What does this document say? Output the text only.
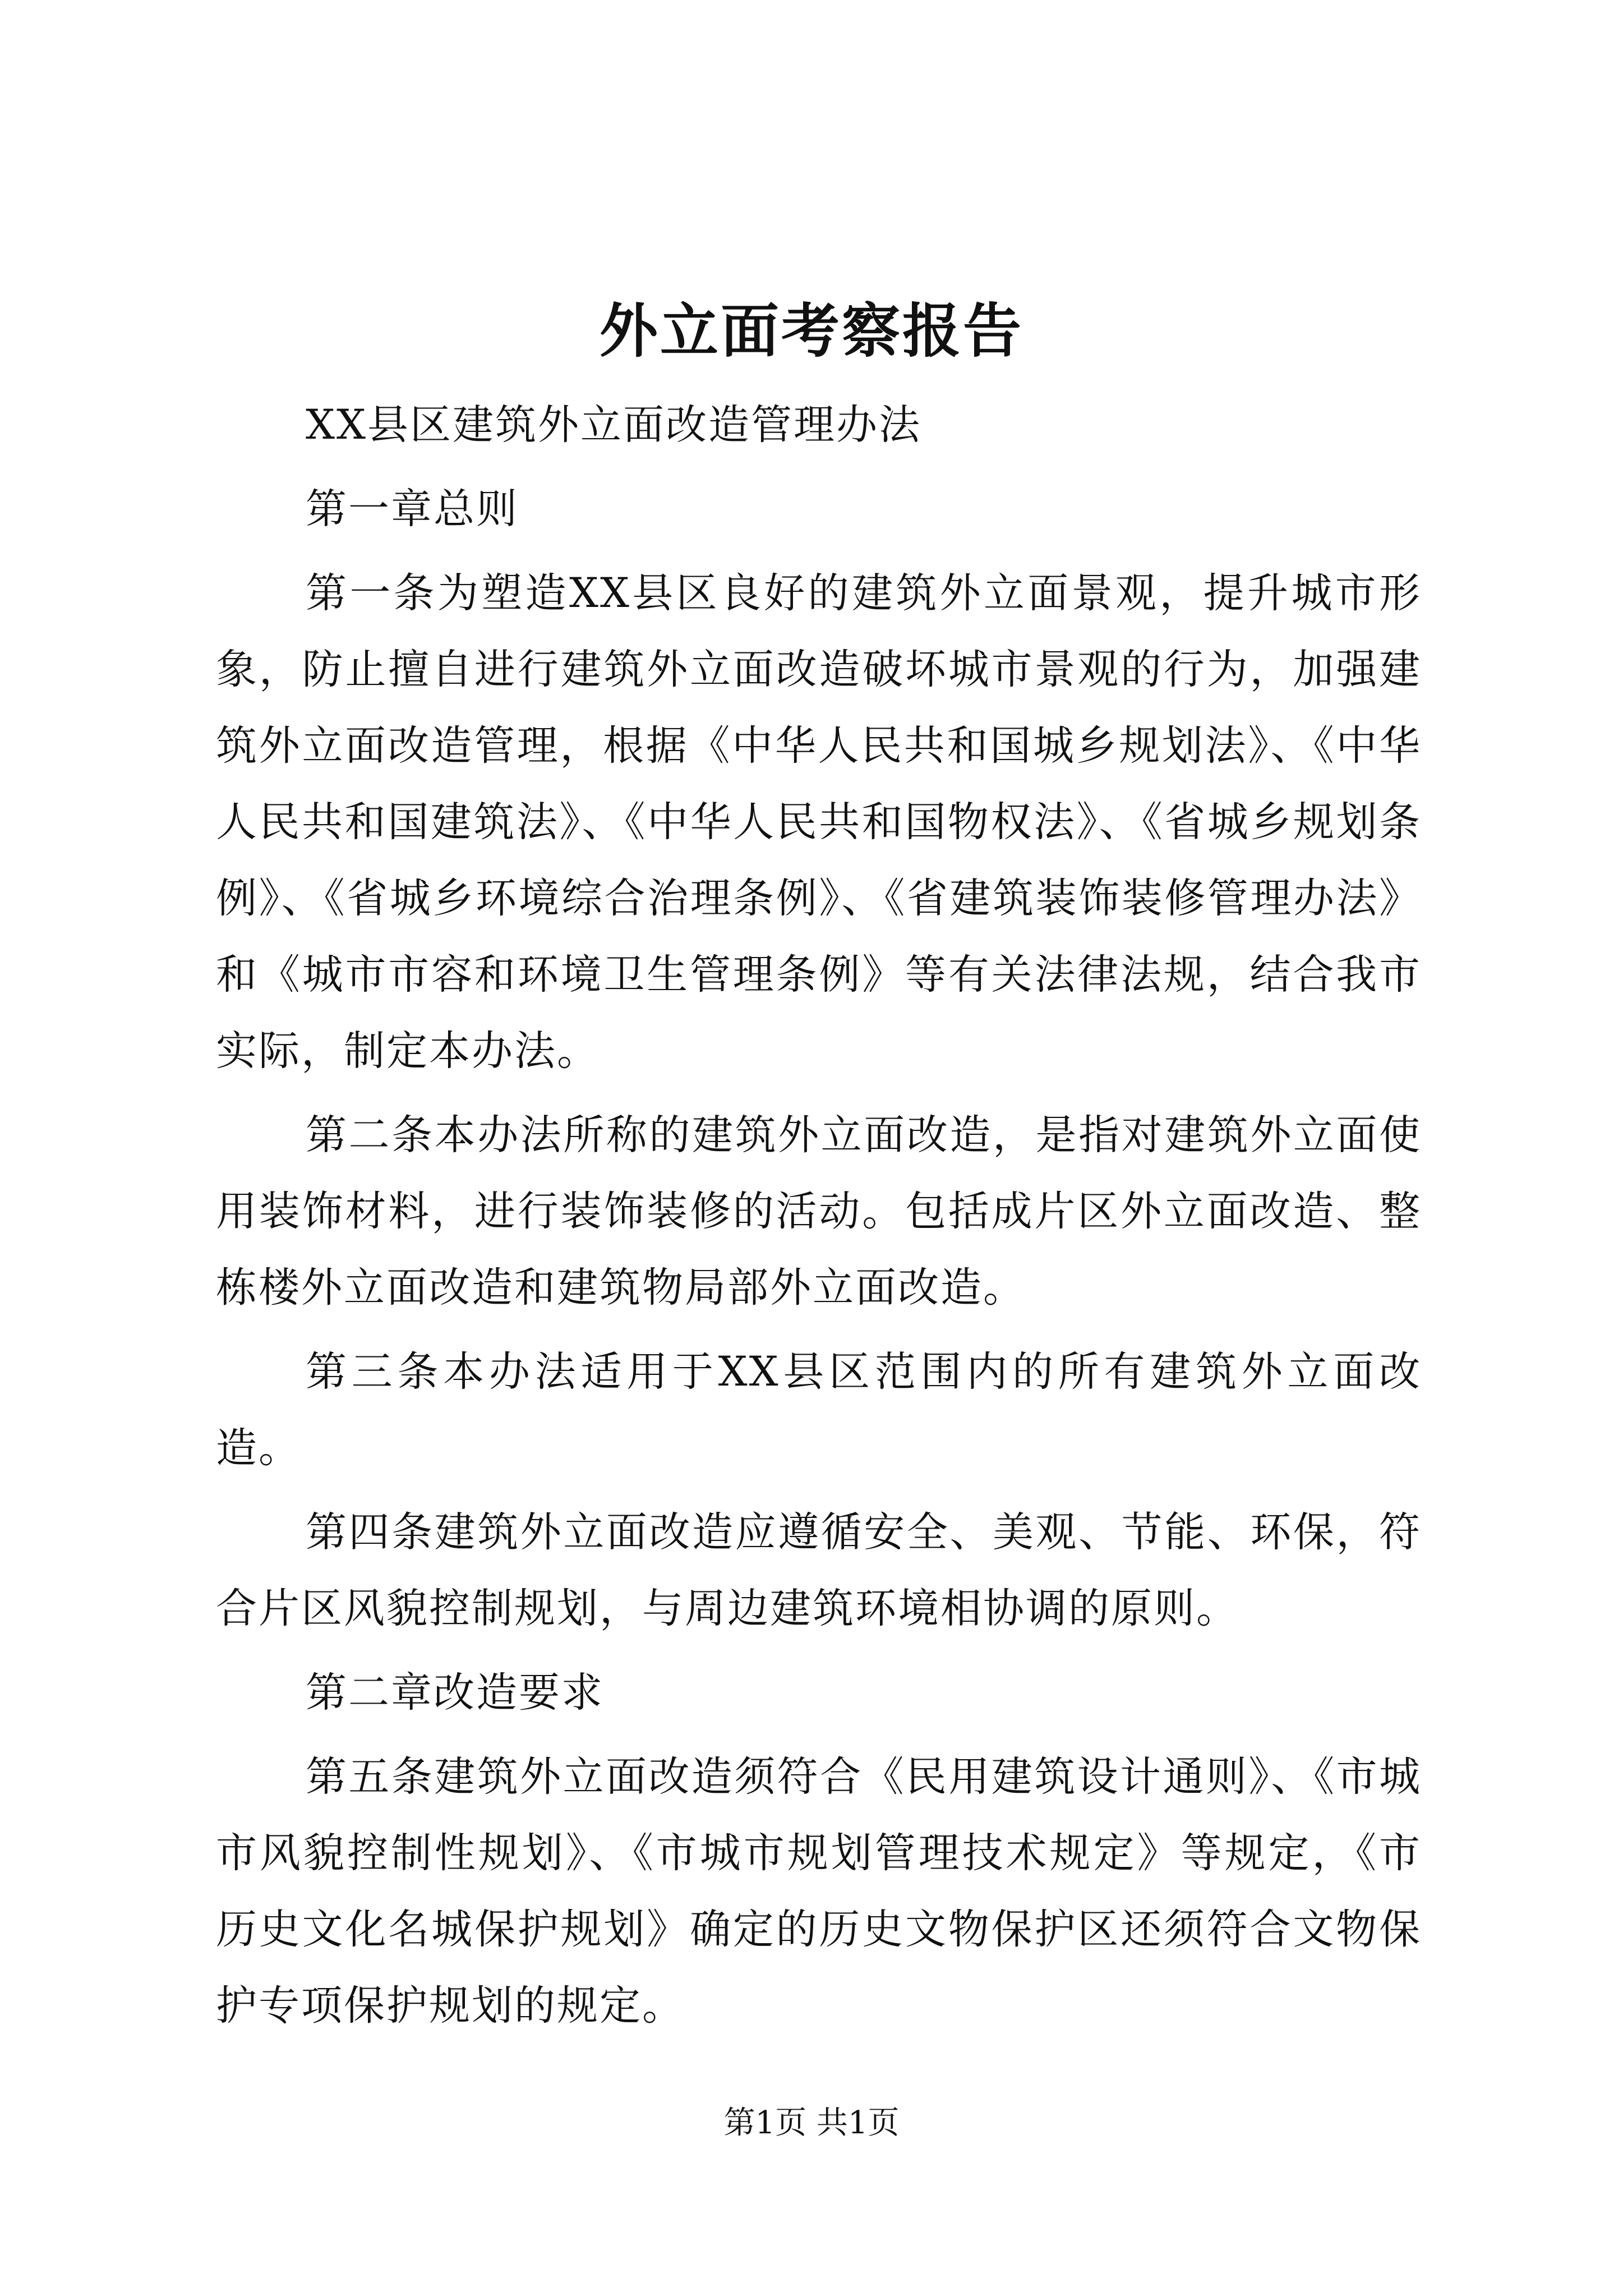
外立面考察报告

XX县区建筑外立面改造管理办法

第一章总则

第一条为塑造XX县区良好的建筑外立面景观，提升城市形象，防止擅自进行建筑外立面改造破坏城市景观的行为，加强建筑外立面改造管理，根据《中华人民共和国城乡规划法》、《中华人民共和国建筑法》、《中华人民共和国物权法》、《省城乡规划条例》、《省城乡环境综合治理条例》、《省建筑装饰装修管理办法》和《城市市容和环境卫生管理条例》等有关法律法规，结合我市实际，制定本办法。

第二条本办法所称的建筑外立面改造，是指对建筑外立面使用装饰材料，进行装饰装修的活动。包括成片区外立面改造、整栋楼外立面改造和建筑物局部外立面改造。

第三条本办法适用于XX县区范围内的所有建筑外立面改造。

第四条建筑外立面改造应遵循安全、美观、节能、环保，符合片区风貌控制规划，与周边建筑环境相协调的原则。

第二章改造要求

第五条建筑外立面改造须符合《民用建筑设计通则》、《市城市风貌控制性规划》、《市城市规划管理技术规定》等规定，《市历史文化名城保护规划》确定的历史文物保护区还须符合文物保护专项保护规划的规定。

第1页 共1页
